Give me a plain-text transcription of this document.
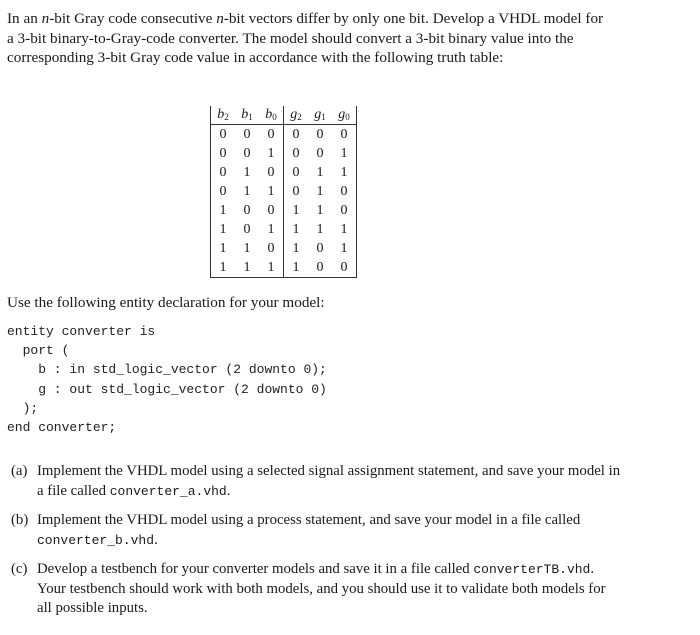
In an n-bit Gray code consecutive n-bit vectors differ by only one bit. Develop a VHDL model for a 3-bit binary-to-Gray-code converter. The model should convert a 3-bit binary value into the corresponding 3-bit Gray code value in accordance with the following truth table:
$b_2$	$b_1$	$b_0$	$g_2$	$g_1$	$g_0$
0	0	0	0	0	0
0	0	1	0	0	1
0	1	0	0	1	1
0	1	1	0	1	0
1	0	0	1	1	0
1	0	1	1	1	1
1	1	0	1	0	1
1	1	1	1	0	0
Use the following entity declaration for your model:
entity converter is
port (
b : in std_logic_vector (2 downto 0);
g : out std_logic_vector (2 downto 0)
);
end converter;
(a) Implement the VHDL model using a selected signal assignment statement, and save your model in a file called converter_a.vhd.
(b) Implement the VHDL model using a process statement, and save your model in a file called converter_b.vhd.
(c) Develop a testbench for your converter models and save it in a file called converterTB.vhd. Your testbench should work with both models, and you should use it to validate both models for all possible inputs.
